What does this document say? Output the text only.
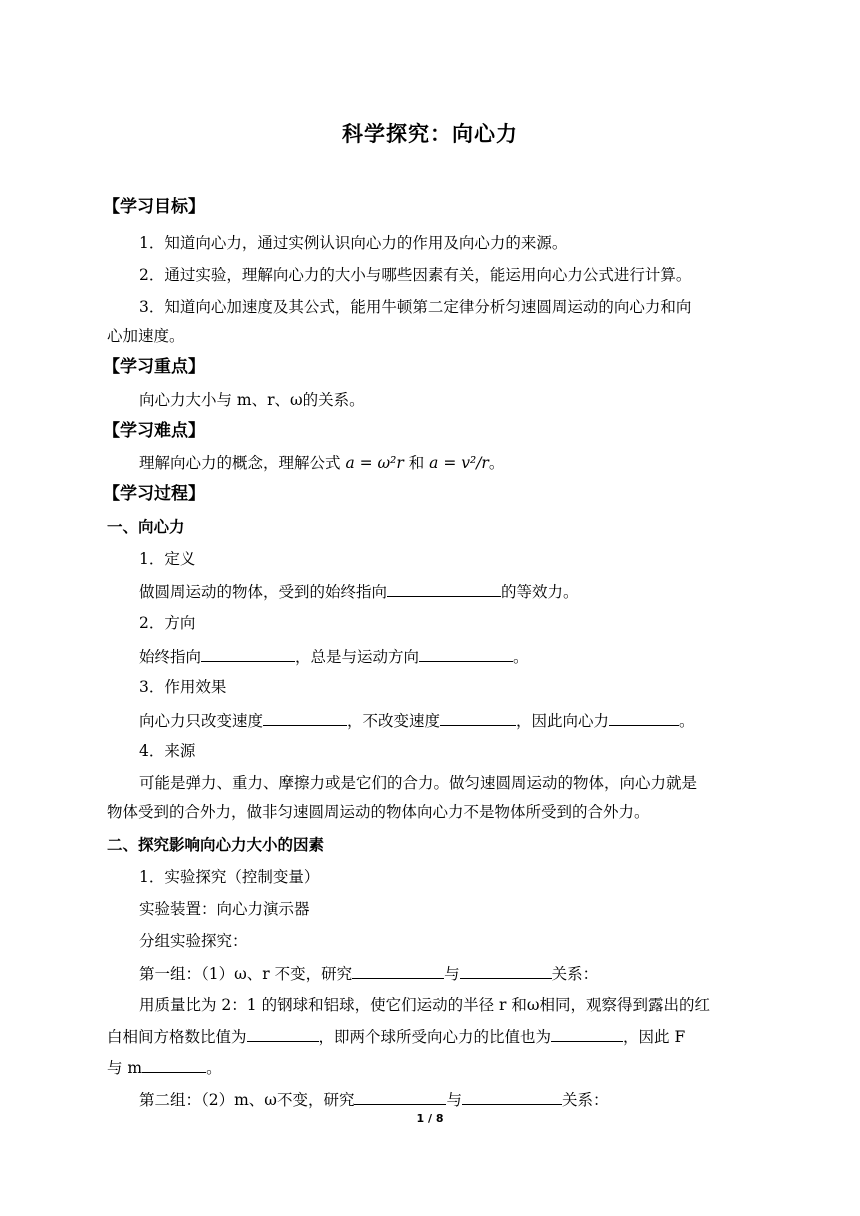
科学探究：向心力
【学习目标】
1．知道向心力，通过实例认识向心力的作用及向心力的来源。
2．通过实验，理解向心力的大小与哪些因素有关，能运用向心力公式进行计算。
3．知道向心加速度及其公式，能用牛顿第二定律分析匀速圆周运动的向心力和向
心加速度。
【学习重点】
向心力大小与 m、r、ω的关系。
【学习难点】
理解向心力的概念，理解公式 a = ω²r 和 a = v²/r。
【学习过程】
一、向心力
1．定义
做圆周运动的物体，受到的始终指向	的等效力。
2．方向
始终指向	，总是与运动方向	。
3．作用效果
向心力只改变速度	，不改变速度	，因此向心力	。
4．来源
可能是弹力、重力、摩擦力或是它们的合力。做匀速圆周运动的物体，向心力就是
物体受到的合外力，做非匀速圆周运动的物体向心力不是物体所受到的合外力。
二、探究影响向心力大小的因素
1．实验探究（控制变量）
实验装置：向心力演示器
分组实验探究：
第一组：（1）ω、r 不变，研究	与	关系：
用质量比为 2：1 的钢球和铝球，使它们运动的半径 r 和ω相同，观察得到露出的红
白相间方格数比值为	，即两个球所受向心力的比值也为	，因此 F
与 m	。
第二组：（2）m、ω不变，研究	与	关系：
1 / 8
